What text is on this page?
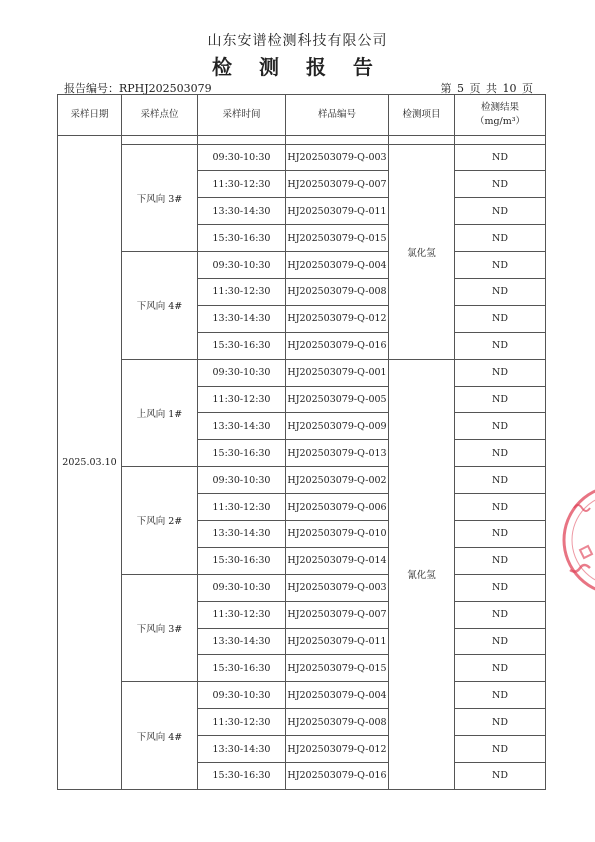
山东安谱检测科技有限公司
检 测 报 告
报告编号：RPHJ202503079	第 5 页 共 10 页
采样日期	采样点位	采样时间	样品编号	检测项目	检测结果
（mg/m³）

2025.03.10					
	下风向 3#	09:30-10:30	HJ202503079-Q-003	氯化氢	ND
		11:30-12:30	HJ202503079-Q-007		ND
		13:30-14:30	HJ202503079-Q-011		ND
		15:30-16:30	HJ202503079-Q-015		ND
	下风向 4#	09:30-10:30	HJ202503079-Q-004		ND
		11:30-12:30	HJ202503079-Q-008		ND
		13:30-14:30	HJ202503079-Q-012		ND
		15:30-16:30	HJ202503079-Q-016		ND
	上风向 1#	09:30-10:30	HJ202503079-Q-001	氰化氢	ND
		11:30-12:30	HJ202503079-Q-005		ND
		13:30-14:30	HJ202503079-Q-009		ND
		15:30-16:30	HJ202503079-Q-013		ND
	下风向 2#	09:30-10:30	HJ202503079-Q-002		ND
		11:30-12:30	HJ202503079-Q-006		ND
		13:30-14:30	HJ202503079-Q-010		ND
		15:30-16:30	HJ202503079-Q-014		ND
	下风向 3#	09:30-10:30	HJ202503079-Q-003		ND
		11:30-12:30	HJ202503079-Q-007		ND
		13:30-14:30	HJ202503079-Q-011		ND
		15:30-16:30	HJ202503079-Q-015		ND
	下风向 4#	09:30-10:30	HJ202503079-Q-004		ND
		11:30-12:30	HJ202503079-Q-008		ND
		13:30-14:30	HJ202503079-Q-012		ND
		15:30-16:30	HJ202503079-Q-016		ND
